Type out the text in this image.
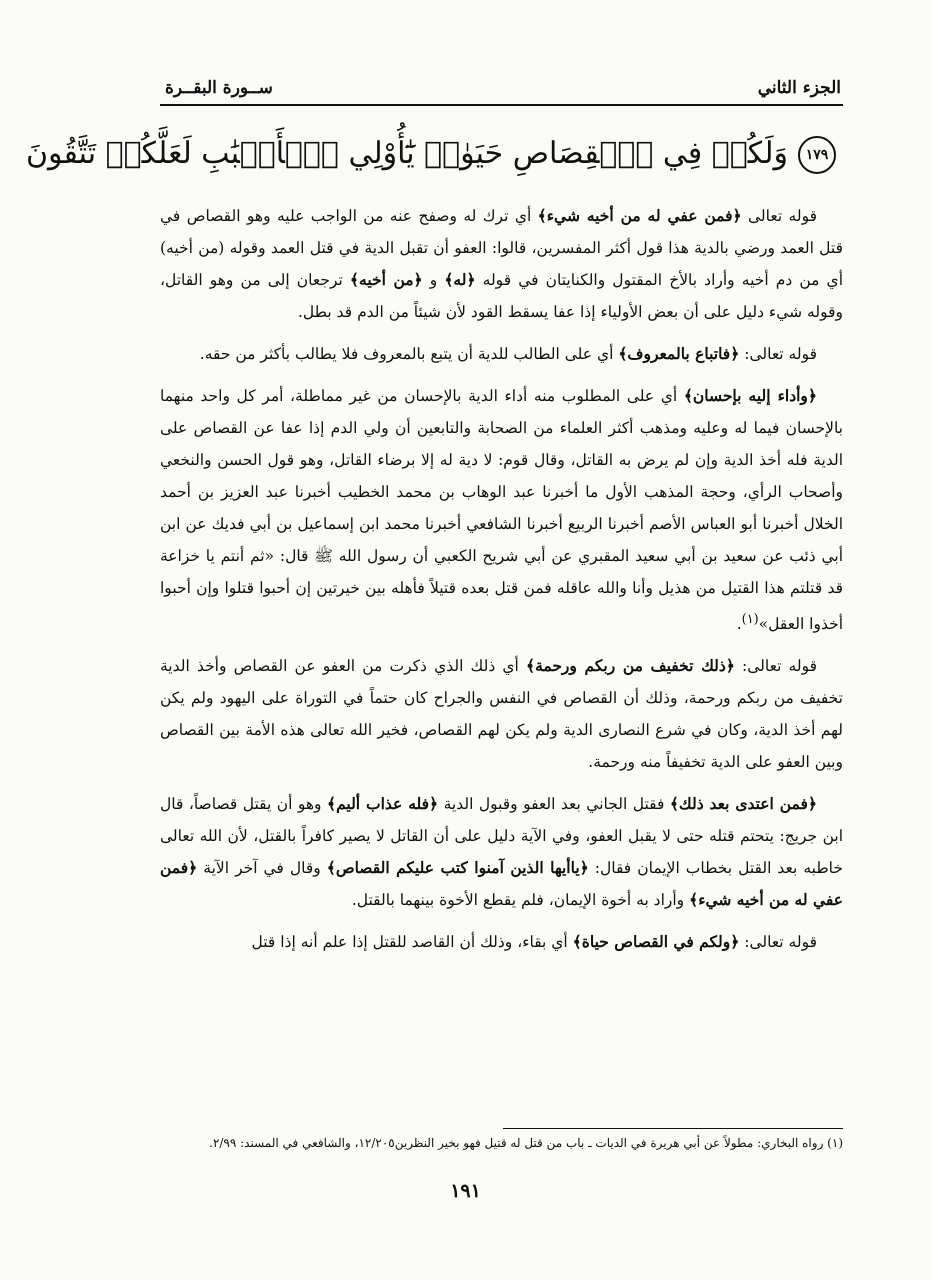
الجزء الثاني
ســورة البقــرة
١٧٩وَلَكُمۡ فِي ٱلۡقِصَاصِ حَيَوٰةٞ يَٰٓأُوْلِي ٱلۡأَلۡبَٰبِ لَعَلَّكُمۡ تَتَّقُونَ

قوله تعالى ﴿فمن عفي له من أخيه شيء﴾ أي ترك له وصفح عنه من الواجب عليه وهو القصاص في قتل العمد ورضي بالدية هذا قول أكثر المفسرين، قالوا: العفو أن تقبل الدية في قتل العمد وقوله (من أخيه) أي من دم أخيه وأراد بالأخ المقتول والكنايتان في قوله ﴿له﴾ و ﴿من أخيه﴾ ترجعان إلى من وهو القاتل، وقوله شيء دليل على أن بعض الأولياء إذا عفا يسقط القود لأن شيئاً من الدم قد بطل.

قوله تعالى: ﴿فاتباع بالمعروف﴾ أي على الطالب للدية أن يتبع بالمعروف فلا يطالب بأكثر من حقه.

﴿وأداء إليه بإحسان﴾ أي على المطلوب منه أداء الدية بالإحسان من غير مماطلة، أمر كل واحد منهما بالإحسان فيما له وعليه ومذهب أكثر العلماء من الصحابة والتابعين أن ولي الدم إذا عفا عن القصاص على الدية فله أخذ الدية وإن لم يرض به القاتل، وقال قوم: لا دية له إلا برضاء القاتل، وهو قول الحسن والنخعي وأصحاب الرأي، وحجة المذهب الأول ما أخبرنا عبد الوهاب بن محمد الخطيب أخبرنا عبد العزيز بن أحمد الخلال أخبرنا أبو العباس الأصم أخبرنا الربيع أخبرنا الشافعي أخبرنا محمد ابن إسماعيل بن أبي فديك عن ابن أبي ذئب عن سعيد بن أبي سعيد المقبري عن أبي شريح الكعبي أن رسول الله ﷺ قال: «ثم أنتم يا خزاعة قد قتلتم هذا القتيل من هذيل وأنا والله عاقله فمن قتل بعده قتيلاً فأهله بين خيرتين إن أحبوا قتلوا وإن أحبوا أخذوا العقل»$^{(١)}$.

قوله تعالى: ﴿ذلك تخفيف من ربكم ورحمة﴾ أي ذلك الذي ذكرت من العفو عن القصاص وأخذ الدية تخفيف من ربكم ورحمة، وذلك أن القصاص في النفس والجراح كان حتماً في التوراة على اليهود ولم يكن لهم أخذ الدية، وكان في شرع النصارى الدية ولم يكن لهم القصاص، فخير الله تعالى هذه الأمة بين القصاص وبين العفو على الدية تخفيفاً منه ورحمة.

﴿فمن اعتدى بعد ذلك﴾ فقتل الجاني بعد العفو وقبول الدية ﴿فله عذاب أليم﴾ وهو أن يقتل قصاصاً، قال ابن جريج: يتحتم قتله حتى لا يقبل العفو، وفي الآية دليل على أن القاتل لا يصير كافراً بالقتل، لأن الله تعالى خاطبه بعد القتل بخطاب الإيمان فقال: ﴿ياأيها الذين آمنوا كتب عليكم القصاص﴾ وقال في آخر الآية ﴿فمن عفي له من أخيه شيء﴾ وأراد به أخوة الإيمان، فلم يقطع الأخوة بينهما بالقتل.

قوله تعالى: ﴿ولكم في القصاص حياة﴾ أي بقاء، وذلك أن القاصد للقتل إذا علم أنه إذا قتل

(١) رواه البخاري: مطولاً عن أبي هريرة في الديات ـ باب من قتل له قتيل فهو بخير النظرين١٢/٢٠٥، والشافعي في المسند: ٢/٩٩.
١٩١
